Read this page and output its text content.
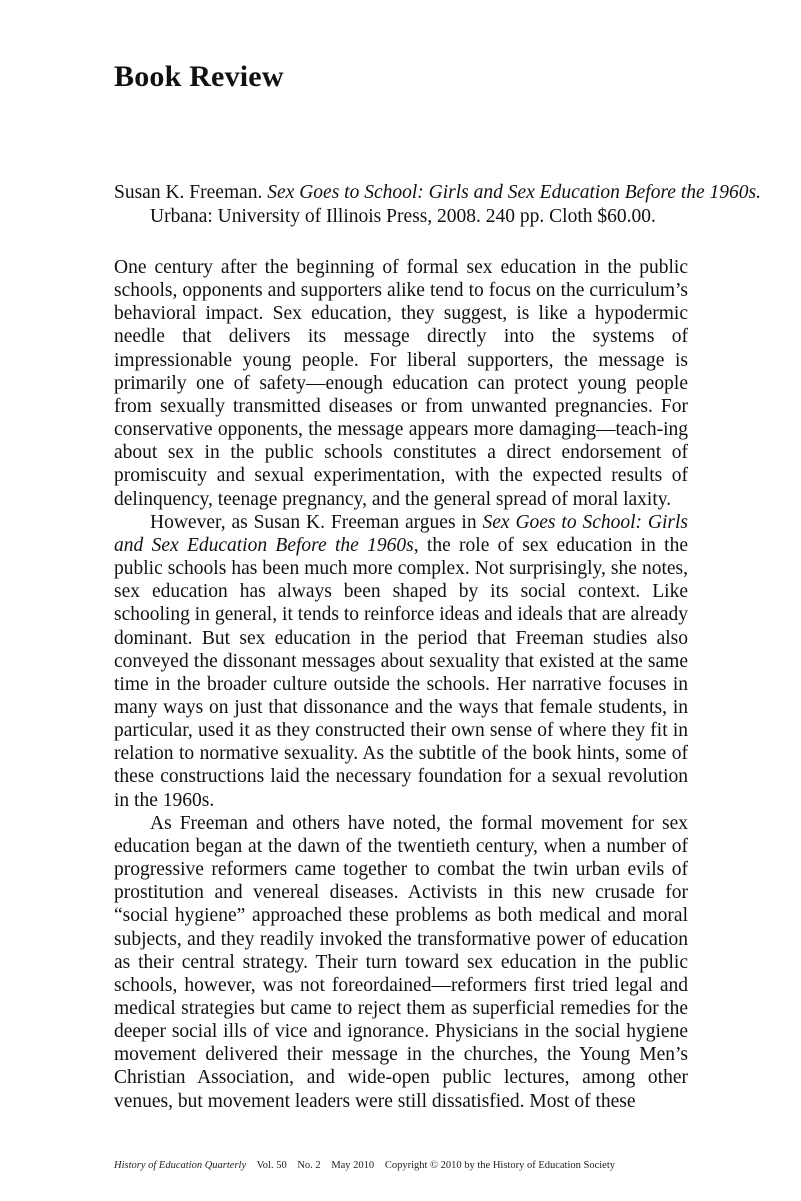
Book Review
Susan K. Freeman. Sex Goes to School: Girls and Sex Education Before the 1960s.
Urbana: University of Illinois Press, 2008. 240 pp. Cloth $60.00.

One century after the beginning of formal sex education in the public schools, opponents and supporters alike tend to focus on the curriculum’s behavioral impact. Sex education, they suggest, is like a hypodermic needle that delivers its message directly into the systems of impressionable young people. For liberal supporters, the message is primarily one of safety—enough education can protect young people from sexually transmitted diseases or from unwanted pregnancies. For conservative opponents, the message appears more damaging—teach-ing about sex in the public schools constitutes a direct endorsement of promiscuity and sexual experimentation, with the expected results of delinquency, teenage pregnancy, and the general spread of moral laxity.

However, as Susan K. Freeman argues in Sex Goes to School: Girls and Sex Education Before the 1960s, the role of sex education in the public schools has been much more complex. Not surprisingly, she notes, sex education has always been shaped by its social context. Like schooling in general, it tends to reinforce ideas and ideals that are already dominant. But sex education in the period that Freeman studies also conveyed the dissonant messages about sexuality that existed at the same time in the broader culture outside the schools. Her narrative focuses in many ways on just that dissonance and the ways that female students, in particular, used it as they constructed their own sense of where they fit in relation to normative sexuality. As the subtitle of the book hints, some of these constructions laid the necessary foundation for a sexual revolution in the 1960s.

As Freeman and others have noted, the formal movement for sex education began at the dawn of the twentieth century, when a number of progressive reformers came together to combat the twin urban evils of prostitution and venereal diseases. Activists in this new crusade for “social hygiene” approached these problems as both medical and moral subjects, and they readily invoked the transformative power of education as their central strategy. Their turn toward sex education in the public schools, however, was not foreordained—reformers first tried legal and medical strategies but came to reject them as superficial remedies for the deeper social ills of vice and ignorance. Physicians in the social hygiene movement delivered their message in the churches, the Young Men’s Christian Association, and wide-open public lectures, among other venues, but movement leaders were still dissatisfied. Most of these

History of Education Quarterly Vol. 50 No. 2 May 2010 Copyright © 2010 by the History of Education Society
